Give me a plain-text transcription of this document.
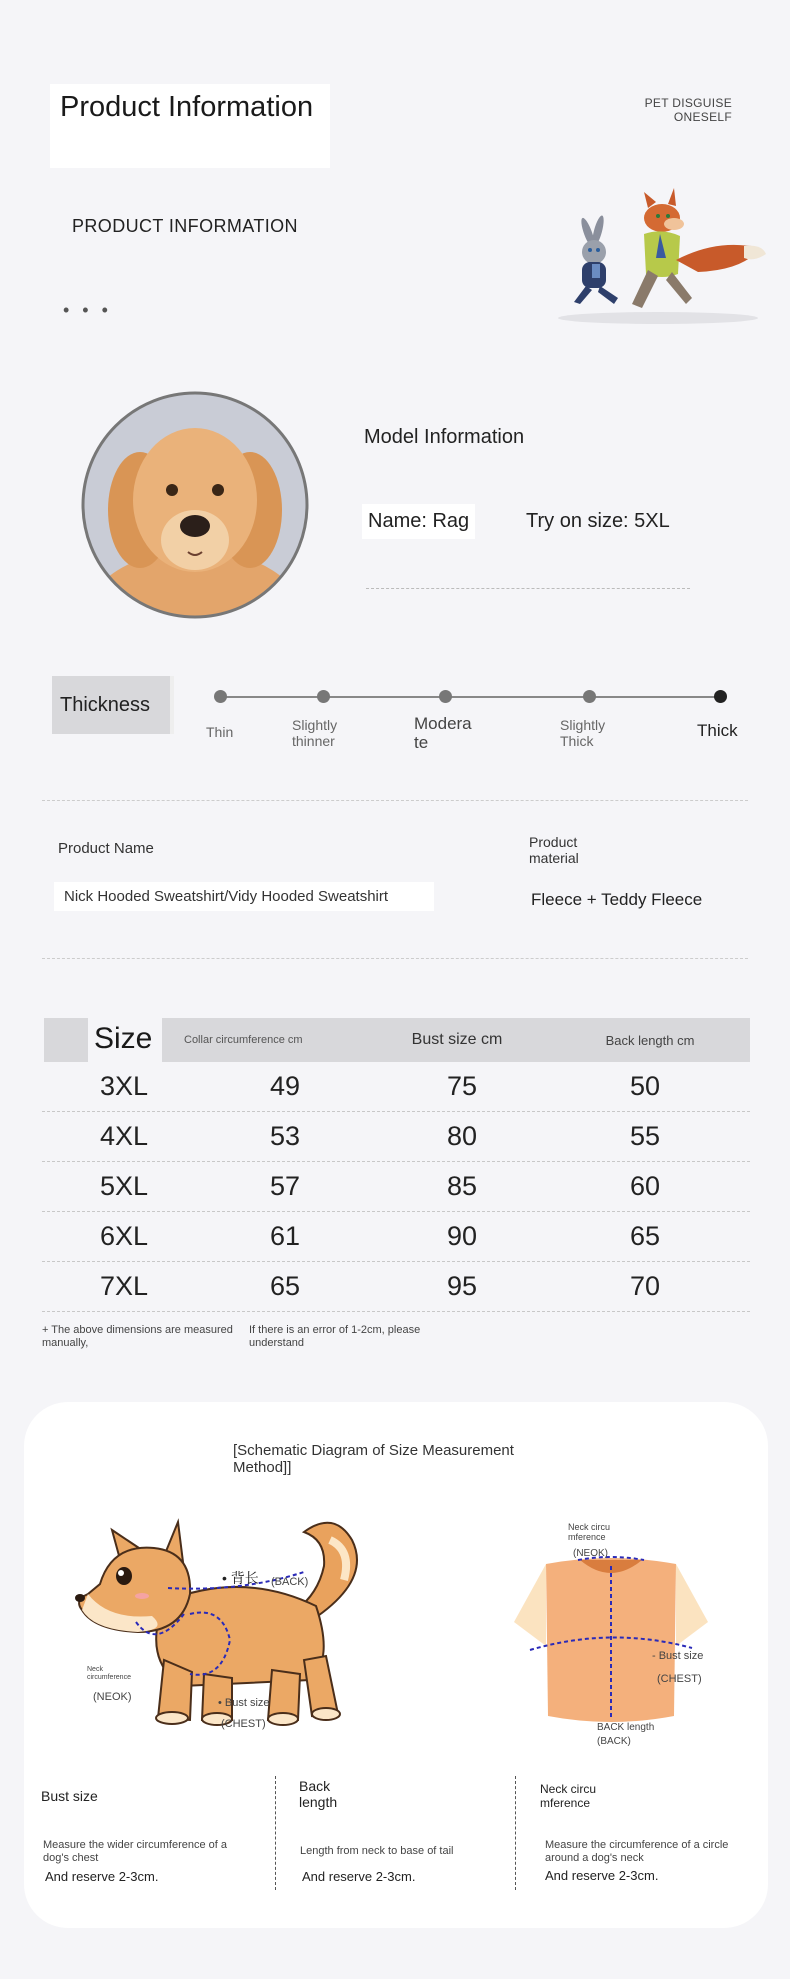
Product Information	PET DISGUISE
ONESELF
PRODUCT INFORMATION
• • •
Model Information
Name: Rag	Try on size: 5XL
Thickness
Thin	Slightly thinner
Modera te
Slightly Thick
Thick
Product Name	Product material
Nick Hooded Sweatshirt/Vidy Hooded Sweatshirt	Fleece + Teddy Fleece
Size	Collar circumference cm	Bust size cm	Back length cm
3XL	49	75	50
4XL	53	80	55
5XL	57	85	60
6XL	61	90	65
7XL	65	95	70
+ The above dimensions are measured manually,
If there is an error of 1-2cm, please understand
[Schematic Diagram of Size Measurement Method]]
• 背长 (BACK)
Neck circumference
(NEOK)	• Bust size
(CHEST)
Neck circu mference
(NEOK)
- Bust size
(CHEST)
BACK length
(BACK)
Bust size
Measure the wider circumference of a dog's chest
And reserve 2-3cm.
Back length
Length from neck to base of tail
And reserve 2-3cm.
Neck circu mference
Measure the circumference of a circle around a dog's neck
And reserve 2-3cm.
